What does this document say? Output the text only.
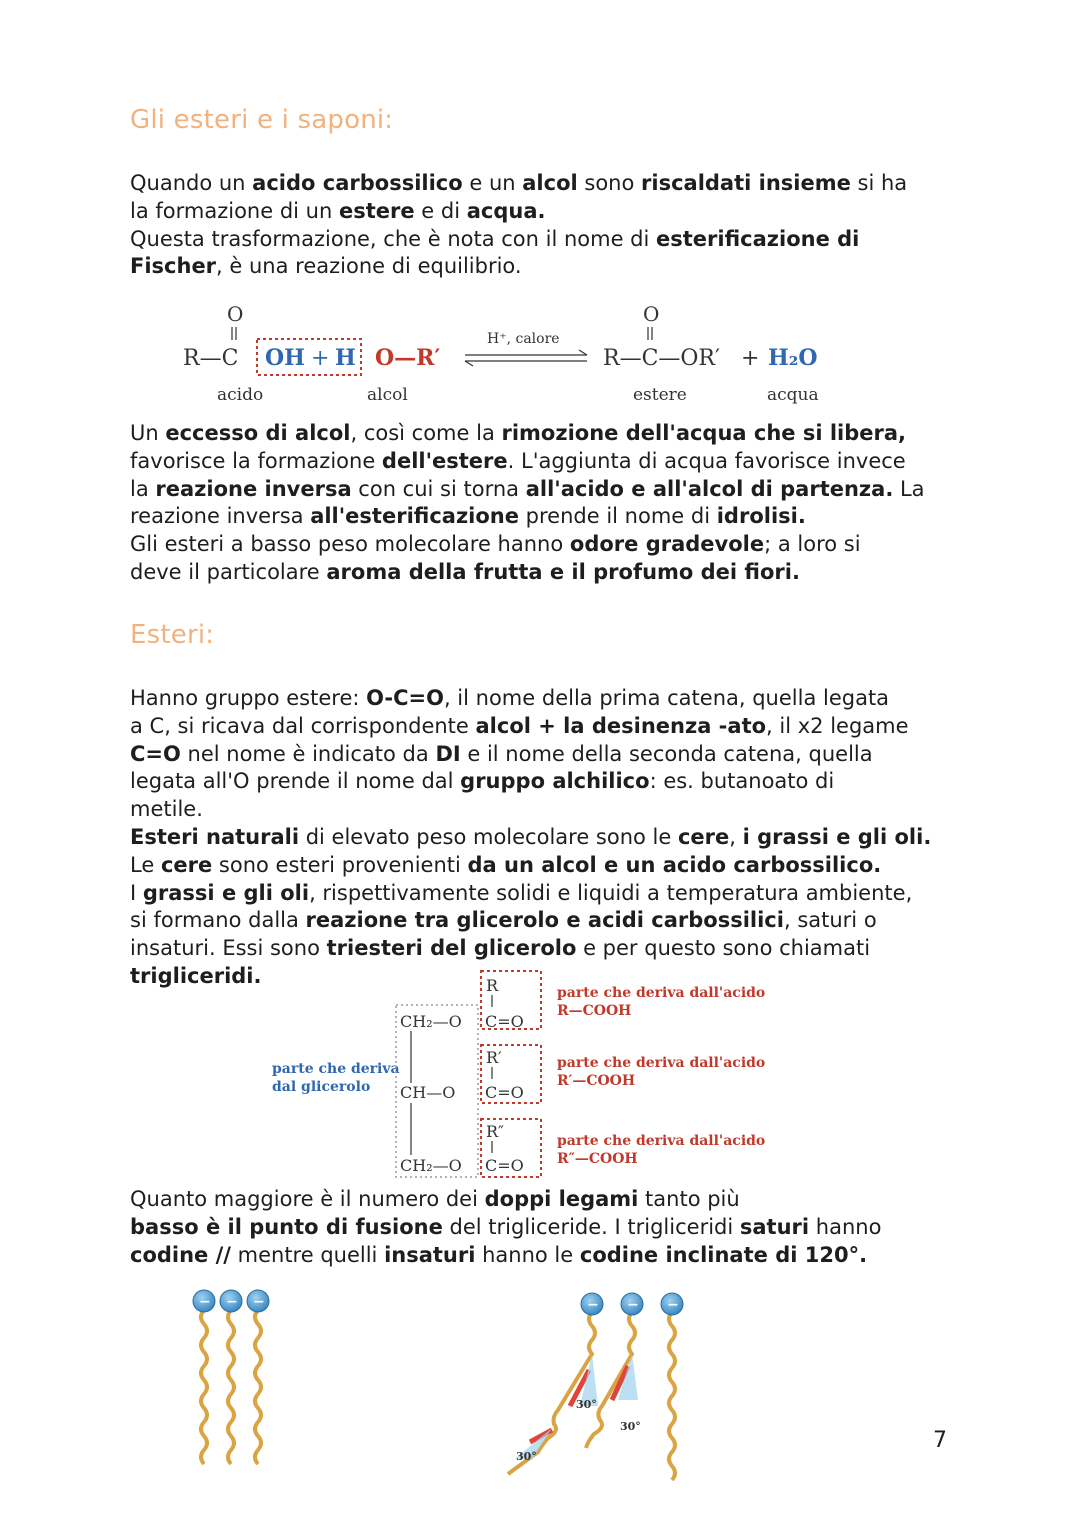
Gli esteri e i saponi:
Quando un acido carbossilico e un alcol sono riscaldati insieme si ha
la formazione di un estere e di acqua.
Questa trasformazione, che è nota con il nome di esterificazione di
Fischer, è una reazione di equilibrio.
O
R—C OH + H O—R′
H⁺, calore
O
R—C—OR′ + H₂O
acido	alcol	estere	acqua
Un eccesso di alcol, così come la rimozione dell'acqua che si libera,
favorisce la formazione dell'estere. L'aggiunta di acqua favorisce invece
la reazione inversa con cui si torna all'acido e all'alcol di partenza. La
reazione inversa all'esterificazione prende il nome di idrolisi.
Gli esteri a basso peso molecolare hanno odore gradevole; a loro si
deve il particolare aroma della frutta e il profumo dei fiori.
Esteri:
Hanno gruppo estere: O-C=O, il nome della prima catena, quella legata
a C, si ricava dal corrispondente alcol + la desinenza -ato, il x2 legame
C=O nel nome è indicato da DI e il nome della seconda catena, quella
legata all'O prende il nome dal gruppo alchilico: es. butanoato di
metile.
Esteri naturali di elevato peso molecolare sono le cere, i grassi e gli oli.
Le cere sono esteri provenienti da un alcol e un acido carbossilico.
I grassi e gli oli, rispettivamente solidi e liquidi a temperatura ambiente,
si formano dalla reazione tra glicerolo e acidi carbossilici, saturi o
insaturi. Essi sono triesteri del glicerolo e per questo sono chiamati
trigliceridi.
parte che deriva
dal glicerolo
R
CH₂—O C=O
parte che deriva dall'acido
R—COOH
R′
CH—O C=O
parte che deriva dall'acido
R′—COOH
R″
CH₂—O C=O
parte che deriva dall'acido
R″—COOH
Quanto maggiore è il numero dei doppi legami tanto più
basso è il punto di fusione del trigliceride. I trigliceridi saturi hanno
codine // mentre quelli insaturi hanno le codine inclinate di 120°.
− − −
30°
30°
30°
− − −
7
